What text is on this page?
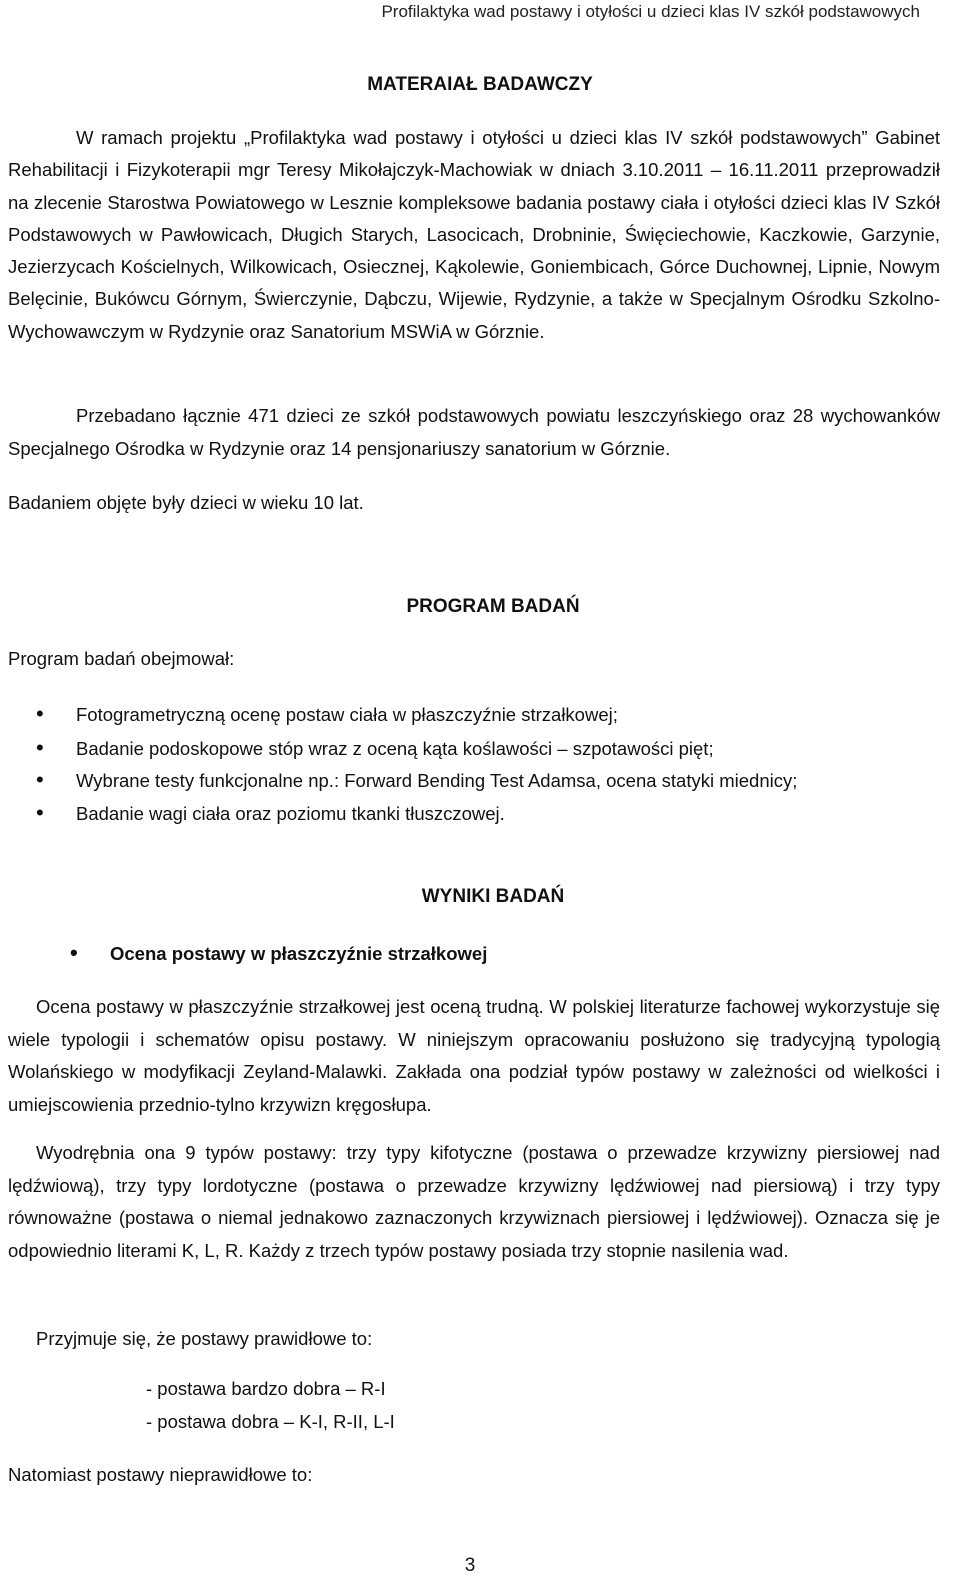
Profilaktyka wad postawy i otyłości u dzieci klas IV szkół podstawowych
MATERAIAŁ BADAWCZY
W ramach projektu „Profilaktyka wad postawy i otyłości u dzieci klas IV szkół podstawowych” Gabinet Rehabilitacji i Fizykoterapii mgr Teresy Mikołajczyk-Machowiak w dniach 3.10.2011 – 16.11.2011 przeprowadził na zlecenie Starostwa Powiatowego w Lesznie kompleksowe badania postawy ciała i otyłości dzieci klas IV Szkół Podstawowych w Pawłowicach, Długich Starych, Lasocicach, Drobninie, Święciechowie, Kaczkowie, Garzynie, Jezierzycach Kościelnych, Wilkowicach, Osiecznej, Kąkolewie, Goniembicach, Górce Duchownej, Lipnie, Nowym Belęcinie, Bukówcu Górnym, Świerczynie, Dąbczu, Wijewie, Rydzynie, a także w Specjalnym Ośrodku Szkolno-Wychowawczym w Rydzynie oraz Sanatorium MSWiA w Górznie.
Przebadano łącznie 471 dzieci ze szkół podstawowych powiatu leszczyńskiego oraz 28 wychowanków Specjalnego Ośrodka w Rydzynie oraz 14 pensjonariuszy sanatorium w Górznie.
Badaniem objęte były dzieci w wieku 10 lat.
PROGRAM BADAŃ
Program badań obejmował:
• Fotogrametryczną ocenę postaw ciała w płaszczyźnie strzałkowej;
• Badanie podoskopowe stóp wraz z oceną kąta koślawości – szpotawości pięt;
• Wybrane testy funkcjonalne np.: Forward Bending Test Adamsa, ocena statyki miednicy;
• Badanie wagi ciała oraz poziomu tkanki tłuszczowej.
WYNIKI BADAŃ
• Ocena postawy w płaszczyźnie strzałkowej
Ocena postawy w płaszczyźnie strzałkowej jest oceną trudną. W polskiej literaturze fachowej wykorzystuje się wiele typologii i schematów opisu postawy. W niniejszym opracowaniu posłużono się tradycyjną typologią Wolańskiego w modyfikacji Zeyland-Malawki. Zakłada ona podział typów postawy w zależności od wielkości i umiejscowienia przednio-tylno krzywizn kręgosłupa.
Wyodrębnia ona 9 typów postawy: trzy typy kifotyczne (postawa o przewadze krzywizny piersiowej nad lędźwiową), trzy typy lordotyczne (postawa o przewadze krzywizny lędźwiowej nad piersiową) i trzy typy równoważne (postawa o niemal jednakowo zaznaczonych krzywiznach piersiowej i lędźwiowej). Oznacza się je odpowiednio literami K, L, R. Każdy z trzech typów postawy posiada trzy stopnie nasilenia wad.
Przyjmuje się, że postawy prawidłowe to:
- postawa bardzo dobra – R-I
- postawa dobra – K-I, R-II, L-I
Natomiast postawy nieprawidłowe to:
3
